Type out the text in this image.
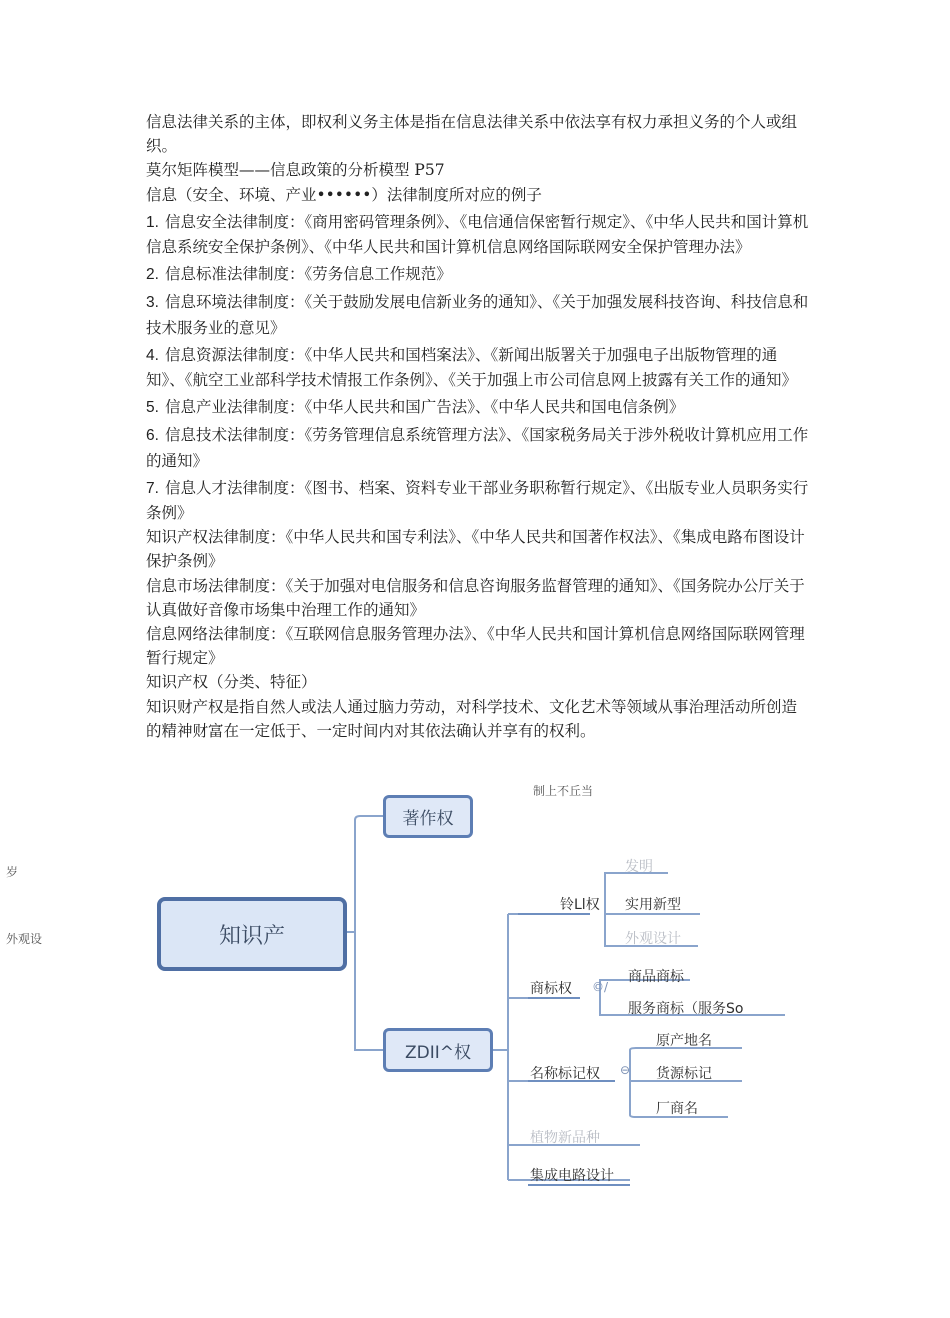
信息法律关系的主体，即权利义务主体是指在信息法律关系中依法享有权力承担义务的个人或组织。

莫尔矩阵模型——信息政策的分析模型 P57

信息（安全、环境、产业••••••）法律制度所对应的例子

1. 信息安全法律制度：《商用密码管理条例》、《电信通信保密暂行规定》、《中华人民共和国计算机信息系统安全保护条例》、《中华人民共和国计算机信息网络国际联网安全保护管理办法》

2. 信息标准法律制度：《劳务信息工作规范》

3. 信息环境法律制度：《关于鼓励发展电信新业务的通知》、《关于加强发展科技咨询、科技信息和技术服务业的意见》

4. 信息资源法律制度：《中华人民共和国档案法》、《新闻出版署关于加强电子出版物管理的通知》、《航空工业部科学技术情报工作条例》、《关于加强上市公司信息网上披露有关工作的通知》

5. 信息产业法律制度：《中华人民共和国广告法》、《中华人民共和国电信条例》

6. 信息技术法律制度：《劳务管理信息系统管理方法》、《国家税务局关于涉外税收计算机应用工作的通知》

7. 信息人才法律制度：《图书、档案、资料专业干部业务职称暂行规定》、《出版专业人员职务实行条例》

知识产权法律制度：《中华人民共和国专利法》、《中华人民共和国著作权法》、《集成电路布图设计保护条例》

信息市场法律制度：《关于加强对电信服务和信息咨询服务监督管理的通知》、《国务院办公厅关于认真做好音像市场集中治理工作的通知》

信息网络法律制度：《互联网信息服务管理办法》、《中华人民共和国计算机信息网络国际联网管理暂行规定》

知识产权（分类、特征）

知识财产权是指自然人或法人通过脑力劳动，对科学技术、文化艺术等领域从事治理活动所创造的精神财富在一定低于、一定时间内对其依法确认并享有的权利。

知识产
著作权
ZDII^权
铃Ll权
发明
实用新型
外观设计
商标权 ©/
商品商标
服务商标（服务So
名称标记权 ⊖
原产地名
货源标记
厂商名
植物新品种
集成电路设计
制上不丘当
岁
外观设
